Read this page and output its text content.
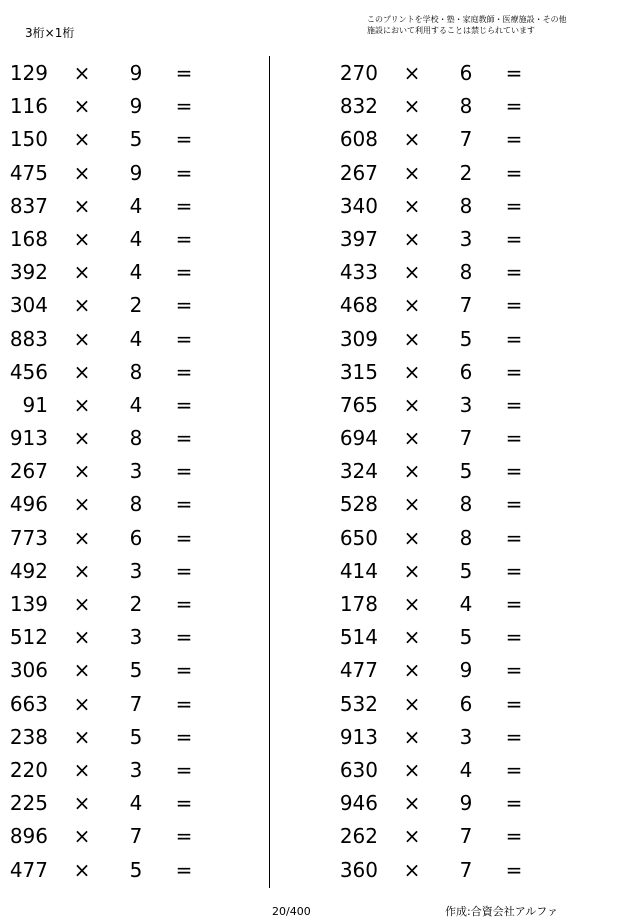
3桁×1桁
このプリントを学校・塾・家庭教師・医療施設・その他
施設において利用することは禁じられています
129 × 9 =
116 × 9 =
150 × 5 =
475 × 9 =
837 × 4 =
168 × 4 =
392 × 4 =
304 × 2 =
883 × 4 =
456 × 8 =
91 × 4 =
913 × 8 =
267 × 3 =
496 × 8 =
773 × 6 =
492 × 3 =
139 × 2 =
512 × 3 =
306 × 5 =
663 × 7 =
238 × 5 =
220 × 3 =
225 × 4 =
896 × 7 =
477 × 5 =
270 × 6 =
832 × 8 =
608 × 7 =
267 × 2 =
340 × 8 =
397 × 3 =
433 × 8 =
468 × 7 =
309 × 5 =
315 × 6 =
765 × 3 =
694 × 7 =
324 × 5 =
528 × 8 =
650 × 8 =
414 × 5 =
178 × 4 =
514 × 5 =
477 × 9 =
532 × 6 =
913 × 3 =
630 × 4 =
946 × 9 =
262 × 7 =
360 × 7 =
20/400	作成:合資会社アルファ
